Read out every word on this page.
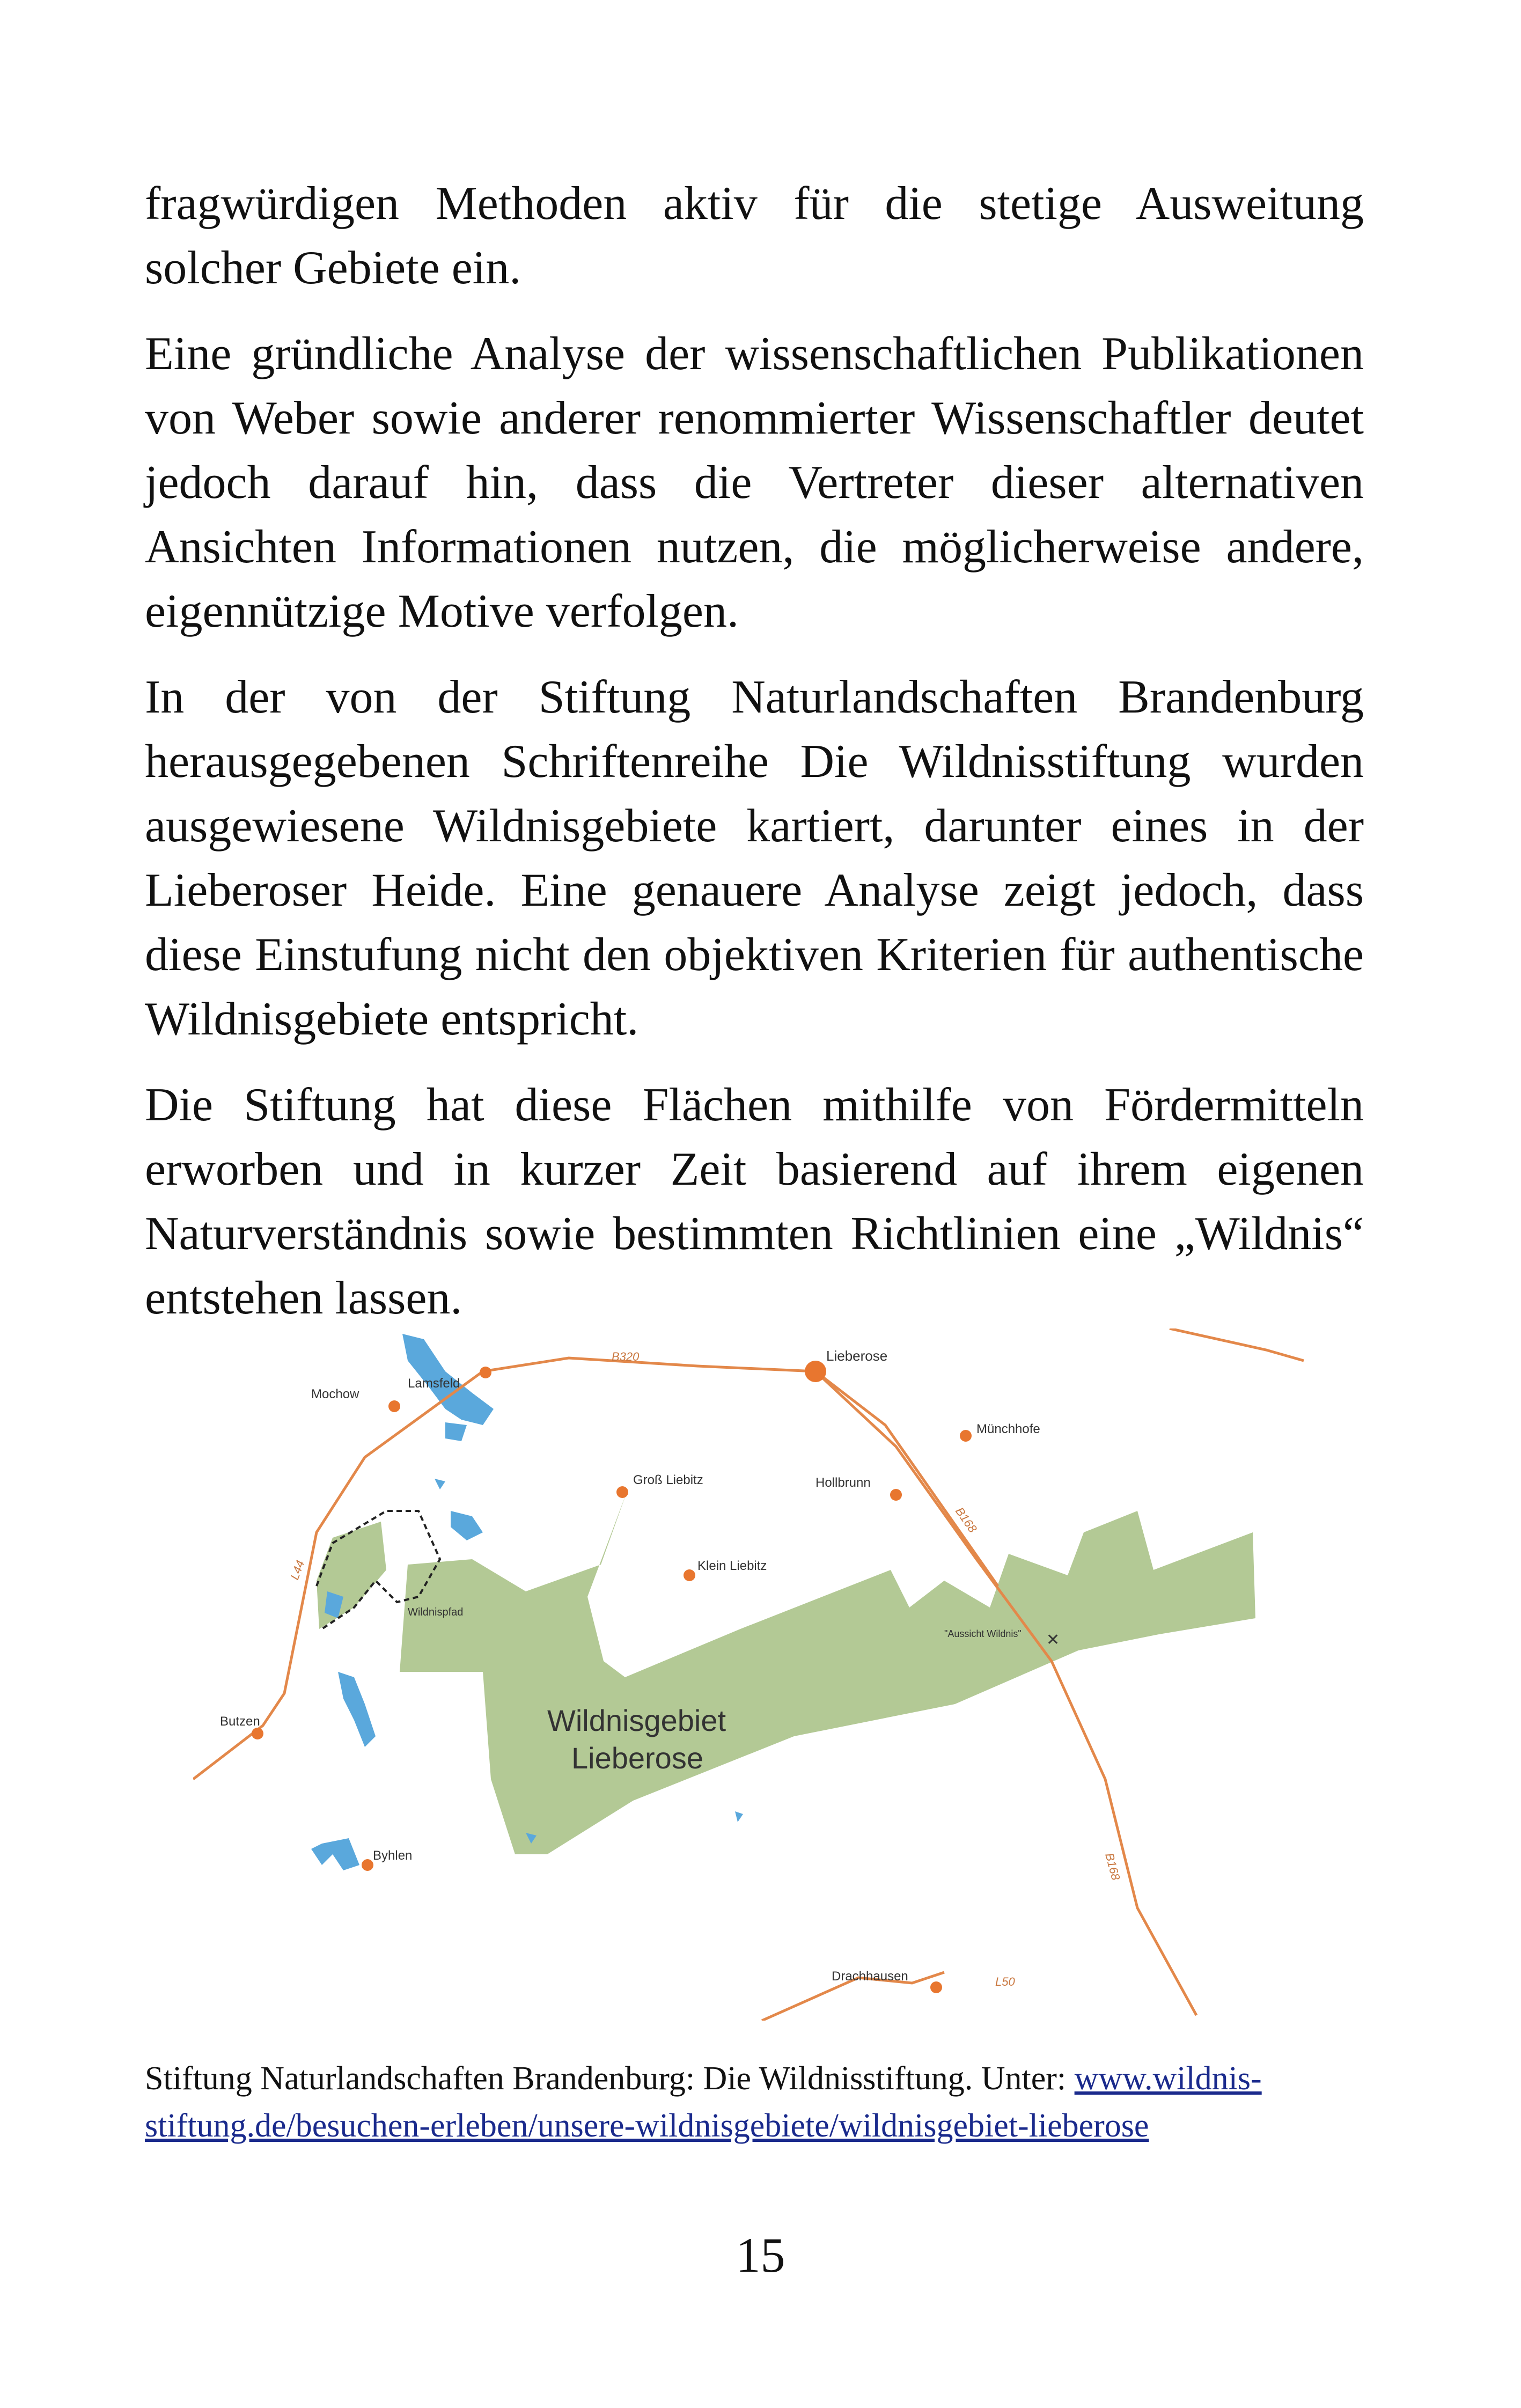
fragwürdigen Methoden aktiv für die stetige Ausweitung solcher Gebiete ein.

Eine gründliche Analyse der wissenschaftlichen Publikationen von Weber sowie anderer renommierter Wissenschaftler deutet jedoch darauf hin, dass die Vertreter dieser alternativen Ansichten Informationen nutzen, die möglicherweise andere, eigennützige Motive verfolgen.

In der von der Stiftung Naturlandschaften Brandenburg herausgegebenen Schriftenreihe Die Wildnisstiftung wurden ausgewiesene Wildnisgebiete kartiert, darunter eines in der Lieberoser Heide. Eine genauere Analyse zeigt jedoch, dass diese Einstufung nicht den objektiven Kriterien für authentische Wildnisgebiete entspricht.

Die Stiftung hat diese Flächen mithilfe von Fördermitteln erworben und in kurzer Zeit basierend auf ihrem eigenen Naturverständnis sowie bestimmten Richtlinien eine „Wildnis“ entstehen lassen.

✕
Wildnisgebiet
Lieberose
Lieberose
Mochow
Lamsfeld
Münchhofe
Groß Liebitz	Hollbrunn
Klein Liebitz
Wildnispfad
"Aussicht Wildnis"
Butzen
Byhlen
Drachhausen
B320
B168
B168
L44
L50
Stiftung Naturlandschaften Brandenburg: Die Wildnisstiftung. Unter: www.wildnis-
stiftung.de/besuchen-erleben/unsere-wildnisgebiete/wildnisgebiet-lieberose
15
